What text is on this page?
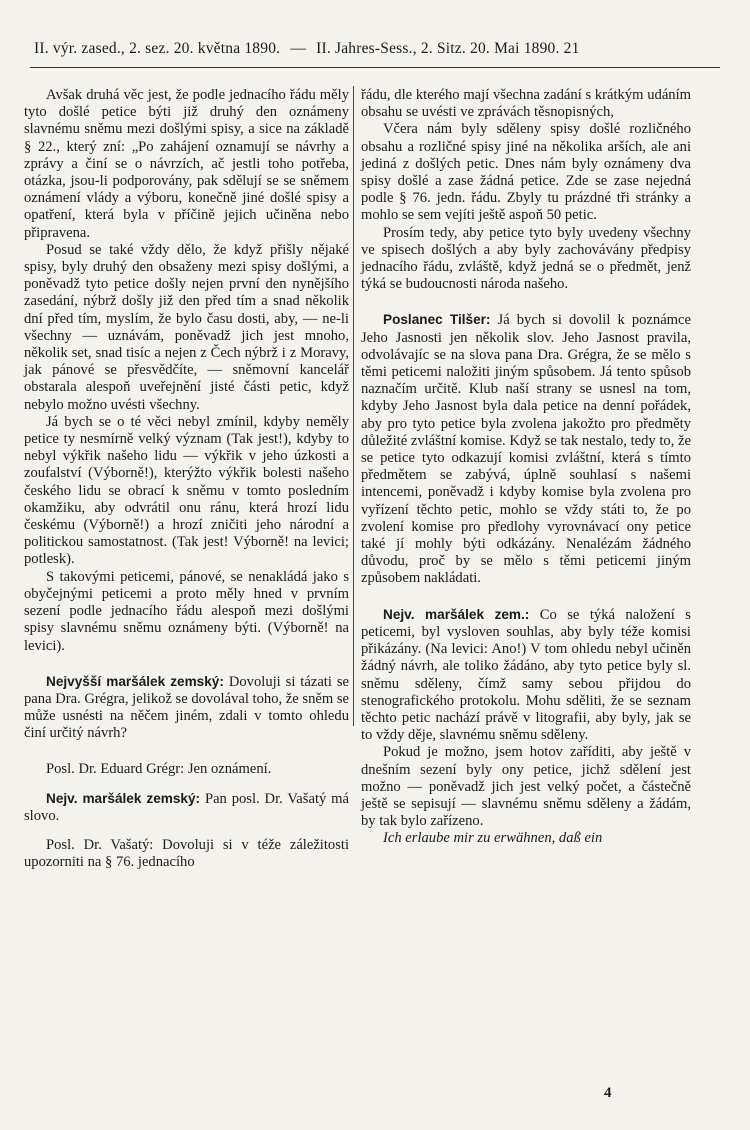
II. výr. zased., 2. sez. 20. května 1890. — II. Jahres-Sess., 2. Sitz. 20. Mai 1890. 21

Avšak druhá věc jest, že podle jednacího řádu měly tyto došlé petice býti již druhý den oznámeny slavnému sněmu mezi došlými spisy, a sice na základě § 22., který zní: „Po zahájení oznamují se návrhy a zprávy a činí se o návrzích, ač jestli toho potřeba, otázka, jsou-li podporovány, pak sdělují se se sněmem oznámení vlády a výboru, konečně jiné došlé spisy a opatření, která byla v příčině jejich učiněna nebo připravena.

Posud se také vždy dělo, že když přišly nějaké spisy, byly druhý den obsaženy mezi spisy došlými, a poněvadž tyto petice došly nejen první den nynějšího zasedání, nýbrž došly již den před tím a snad několik dní před tím, myslím, že bylo času dosti, aby, — ne-li všechny — uznávám, poněvadž jich jest mnoho, několik set, snad tisíc a nejen z Čech nýbrž i z Moravy, jak pánové se přesvědčíte, — sněmovní kancelář obstarala alespoň uveřejnění jisté části petic, když nebylo možno uvésti všechny.

Já bych se o té věci nebyl zmínil, kdyby neměly petice ty nesmírně velký význam (Tak jest!), kdyby to nebyl výkřik našeho lidu — výkřik v jeho úzkosti a zoufalství (Výborně!), kterýžto výkřik bolesti našeho českého lidu se obrací k sněmu v tomto posledním okamžiku, aby odvrátil onu ránu, která hrozí lidu českému (Výborně!) a hrozí zničiti jeho národní a politickou samostatnost. (Tak jest! Výborně! na levici; potlesk).

S takovými peticemi, pánové, se nenakládá jako s obyčejnými peticemi a proto měly hned v prvním sezení podle jednacího řádu alespoň mezi došlými spisy slavnému sněmu oznámeny býti. (Výborně! na levici).

Nejvyšší maršálek zemský: Dovoluji si tázati se pana Dra. Grégra, jelikož se dovolával toho, že sněm se může usnésti na něčem jiném, zdali v tomto ohledu činí určitý návrh?

Posl. Dr. Eduard Grégr: Jen oznámení.

Nejv. maršálek zemský: Pan posl. Dr. Vašatý má slovo.

Posl. Dr. Vašatý: Dovoluji si v téže záležitosti upozorniti na § 76. jednacího

řádu, dle kterého mají všechna zadání s krátkým udáním obsahu se uvésti ve zprávách těsnopisných,

Včera nám byly sděleny spisy došlé rozličného obsahu a rozličné spisy jiné na několika arších, ale ani jediná z došlých petic. Dnes nám byly oznámeny dva spisy došlé a zase žádná petice. Zde se zase nejedná podle § 76. jedn. řádu. Zbyly tu prázdné tři stránky a mohlo se sem vejíti ještě aspoň 50 petic.

Prosím tedy, aby petice tyto byly uvedeny všechny ve spisech došlých a aby byly zachovávány předpisy jednacího řádu, zvláště, když jedná se o předmět, jenž týká se budoucnosti národa našeho.

Poslanec Tilšer: Já bych si dovolil k poznámce Jeho Jasnosti jen několik slov. Jeho Jasnost pravila, odvolávajíc se na slova pana Dra. Grégra, že se mělo s těmi peticemi naložiti jiným spůsobem. Já tento spůsob naznačím určitě. Klub naší strany se usnesl na tom, kdyby Jeho Jasnost byla dala petice na denní pořádek, aby pro tyto petice byla zvolena jakožto pro předměty důležité zvláštní komise. Když se tak nestalo, tedy to, že se petice tyto odkazují komisi zvláštní, která s tímto předmětem se zabývá, úplně souhlasí s našemi intencemi, poněvadž i kdyby komise byla zvolena pro vyřízení těchto petic, mohlo se vždy státi to, že po zvolení komise pro předlohy vyrovnávací ony petice také jí mohly býti odkázány. Nenalézám žádného důvodu, proč by se mělo s těmi peticemi jiným způsobem nakládati.

Nejv. maršálek zem.: Co se týká naložení s peticemi, byl vysloven souhlas, aby byly téže komisi přikázány. (Na levici: Ano!) V tom ohledu nebyl učiněn žádný návrh, ale toliko žádáno, aby tyto petice byly sl. sněmu sděleny, čímž samy sebou přijdou do stenografického protokolu. Mohu sděliti, že se seznam těchto petic nachází právě v litografii, aby byly, jak se to vždy děje, slavnému sněmu sděleny.

Pokud je možno, jsem hotov zaříditi, aby ještě v dnešním sezení byly ony petice, jichž sdělení jest možno — poněvadž jich jest velký počet, a částečně ještě se sepisují — slavnému sněmu sděleny a žádám, by tak bylo zařízeno.

Ich erlaube mir zu erwähnen, daß ein

4
